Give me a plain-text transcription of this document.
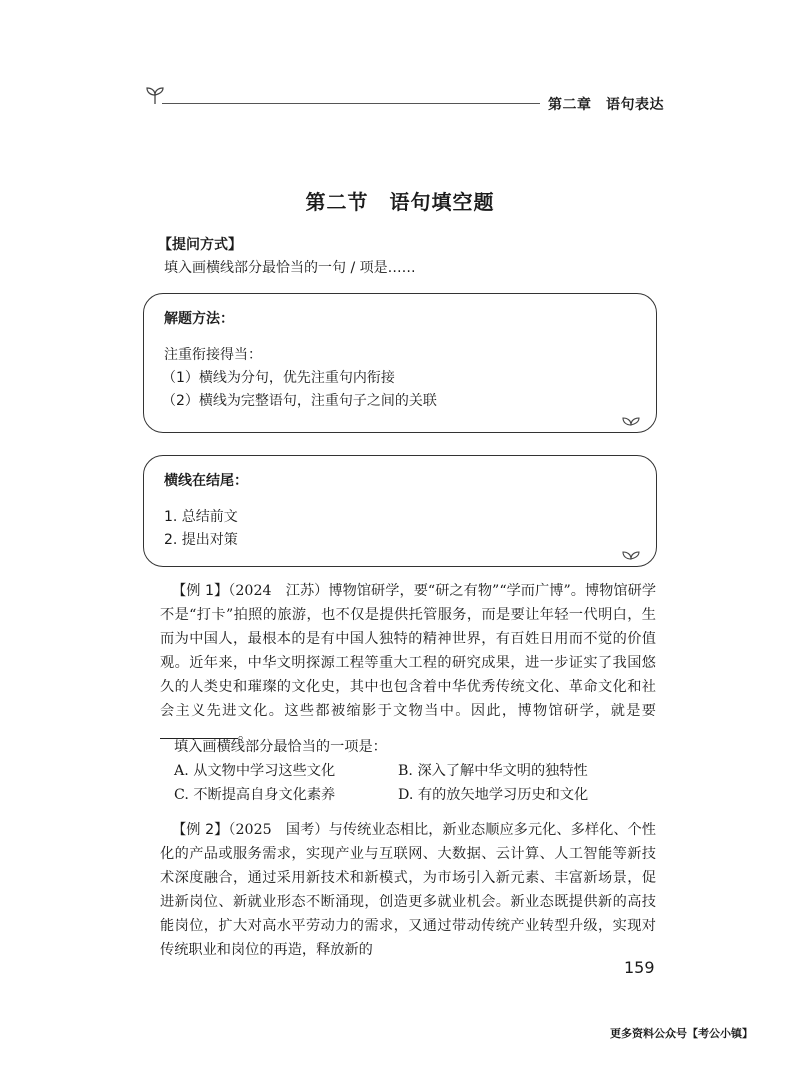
第二章　语句表达
第二节　语句填空题
【提问方式】
填入画横线部分最恰当的一句 / 项是……
解题方法：
注重衔接得当：
（1）横线为分句，优先注重句内衔接
（2）横线为完整语句，注重句子之间的关联
横线在结尾：
1. 总结前文
2. 提出对策

【例 1】（2024　江苏）博物馆研学，要“研之有物”“学而广博”。博物馆研学不是“打卡”拍照的旅游，也不仅是提供托管服务，而是要让年轻一代明白，生而为中国人，最根本的是有中国人独特的精神世界，有百姓日用而不觉的价值观。近年来，中华文明探源工程等重大工程的研究成果，进一步证实了我国悠久的人类史和璀璨的文化史，其中也包含着中华优秀传统文化、革命文化和社会主义先进文化。这些都被缩影于文物当中。因此，博物馆研学，就是要 。

填入画横线部分最恰当的一项是：
A. 从文物中学习这些文化	B. 深入了解中华文明的独特性
C. 不断提高自身文化素养	D. 有的放矢地学习历史和文化

【例 2】（2025　国考）与传统业态相比，新业态顺应多元化、多样化、个性化的产品或服务需求，实现产业与互联网、大数据、云计算、人工智能等新技术深度融合，通过采用新技术和新模式，为市场引入新元素、丰富新场景，促进新岗位、新就业形态不断涌现，创造更多就业机会。新业态既提供新的高技能岗位，扩大对高水平劳动力的需求，又通过带动传统产业转型升级，实现对传统职业和岗位的再造，释放新的

159
更多资料公众号【考公小镇】
